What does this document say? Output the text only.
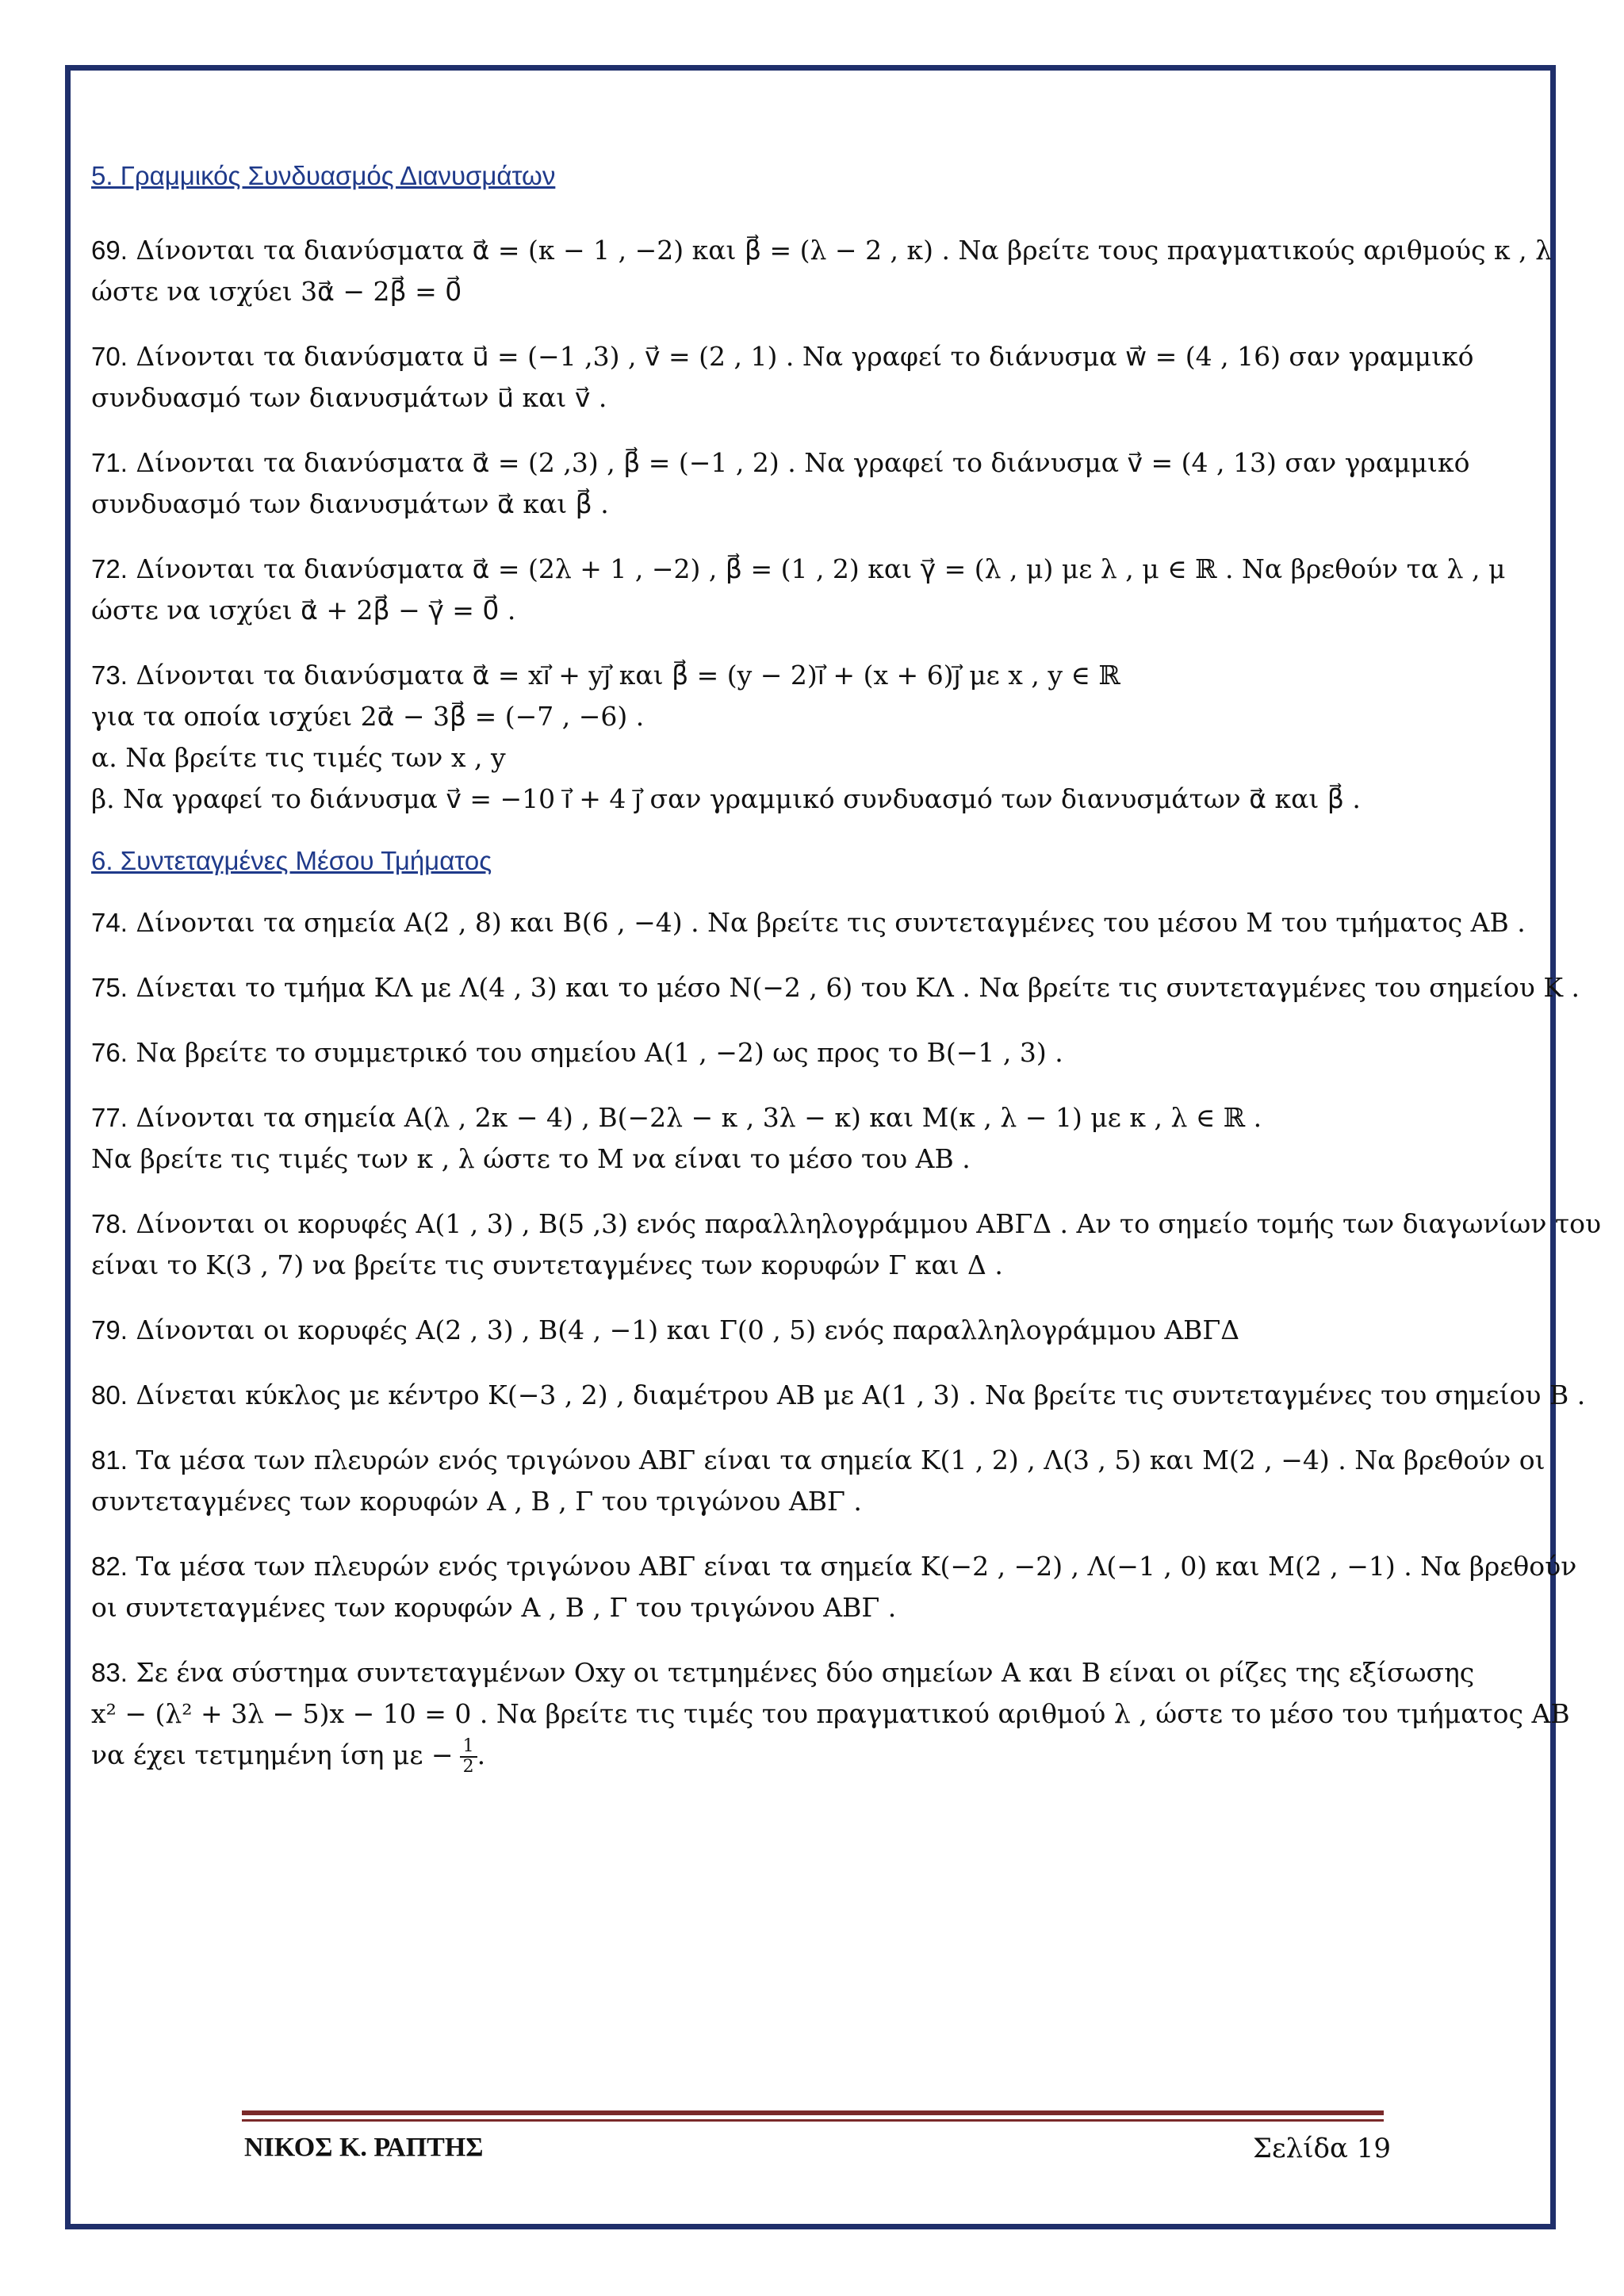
5. Γραμμικός Συνδυασμός Διανυσμάτων
69. Δίνονται τα διανύσματα α⃗ = (κ − 1 , −2) και β⃗ = (λ − 2 , κ) . Να βρείτε τους πραγματικούς αριθμούς κ , λ
ώστε να ισχύει 3α⃗ − 2β⃗ = 0⃗
70. Δίνονται τα διανύσματα u⃗ = (−1 ,3) , v⃗ = (2 , 1) . Να γραφεί το διάνυσμα w⃗ = (4 , 16) σαν γραμμικό
συνδυασμό των διανυσμάτων u⃗ και v⃗ .
71. Δίνονται τα διανύσματα α⃗ = (2 ,3) , β⃗ = (−1 , 2) . Να γραφεί το διάνυσμα v⃗ = (4 , 13) σαν γραμμικό
συνδυασμό των διανυσμάτων α⃗ και β⃗ .
72. Δίνονται τα διανύσματα α⃗ = (2λ + 1 , −2) , β⃗ = (1 , 2) και γ⃗ = (λ , μ) με λ , μ ∈ ℝ . Να βρεθούν τα λ , μ
ώστε να ισχύει α⃗ + 2β⃗ − γ⃗ = 0⃗ .
73. Δίνονται τα διανύσματα α⃗ = xi⃗ + yj⃗ και β⃗ = (y − 2)i⃗ + (x + 6)j⃗ με x , y ∈ ℝ
για τα οποία ισχύει 2α⃗ − 3β⃗ = (−7 , −6) .
α. Να βρείτε τις τιμές των x , y
β. Να γραφεί το διάνυσμα v⃗ = −10 i⃗ + 4 j⃗ σαν γραμμικό συνδυασμό των διανυσμάτων α⃗ και β⃗ .
6. Συντεταγμένες Μέσου Τμήματος
74. Δίνονται τα σημεία Α(2 , 8) και Β(6 , −4) . Να βρείτε τις συντεταγμένες του μέσου Μ του τμήματος ΑΒ .
75. Δίνεται το τμήμα ΚΛ με Λ(4 , 3) και το μέσο Ν(−2 , 6) του ΚΛ . Να βρείτε τις συντεταγμένες του σημείου Κ .
76. Να βρείτε το συμμετρικό του σημείου Α(1 , −2) ως προς το Β(−1 , 3) .
77. Δίνονται τα σημεία Α(λ , 2κ − 4) , Β(−2λ − κ , 3λ − κ) και Μ(κ , λ − 1) με κ , λ ∈ ℝ .
Να βρείτε τις τιμές των κ , λ ώστε το Μ να είναι το μέσο του ΑΒ .
78. Δίνονται οι κορυφές Α(1 , 3) , Β(5 ,3) ενός παραλληλογράμμου ΑΒΓΔ . Αν το σημείο τομής των διαγωνίων του
είναι το Κ(3 , 7) να βρείτε τις συντεταγμένες των κορυφών Γ και Δ .
79. Δίνονται οι κορυφές Α(2 , 3) , Β(4 , −1) και Γ(0 , 5) ενός παραλληλογράμμου ΑΒΓΔ
80. Δίνεται κύκλος με κέντρο Κ(−3 , 2) , διαμέτρου ΑΒ με Α(1 , 3) . Να βρείτε τις συντεταγμένες του σημείου Β .
81. Τα μέσα των πλευρών ενός τριγώνου ΑΒΓ είναι τα σημεία Κ(1 , 2) , Λ(3 , 5) και Μ(2 , −4) . Να βρεθούν οι
συντεταγμένες των κορυφών Α , Β , Γ του τριγώνου ΑΒΓ .
82. Τα μέσα των πλευρών ενός τριγώνου ΑΒΓ είναι τα σημεία Κ(−2 , −2) , Λ(−1 , 0) και Μ(2 , −1) . Να βρεθούν
οι συντεταγμένες των κορυφών Α , Β , Γ του τριγώνου ΑΒΓ .
83. Σε ένα σύστημα συντεταγμένων Οxy οι τετμημένες δύο σημείων Α και Β είναι οι ρίζες της εξίσωσης
x² − (λ² + 3λ − 5)x − 10 = 0 . Να βρείτε τις τιμές του πραγματικού αριθμού λ , ώστε το μέσο του τμήματος ΑΒ
να έχει τετμημένη ίση $\mu\varepsilon - \frac{1}{2}$ .
ΝΙΚΟΣ Κ. ΡΑΠΤΗΣ	Σελίδα 19
